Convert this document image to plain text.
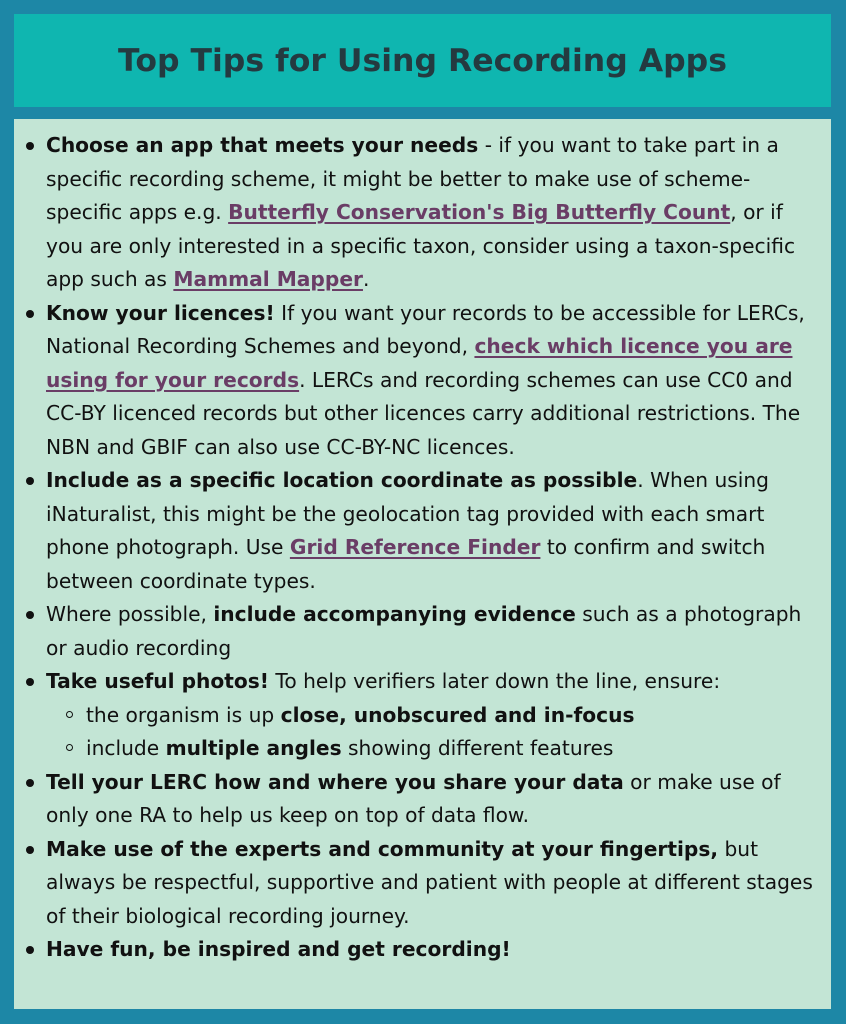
Top Tips for Using Recording Apps
Choose an app that meets your needs - if you want to take part in a specific recording scheme, it might be better to make use of scheme-specific apps e.g. Butterfly Conservation's Big Butterfly Count, or if you are only interested in a specific taxon, consider using a taxon-specific app such as Mammal Mapper.
Know your licences! If you want your records to be accessible for LERCs, National Recording Schemes and beyond, check which licence you are using for your records. LERCs and recording schemes can use CC0 and CC-BY licenced records but other licences carry additional restrictions. The NBN and GBIF can also use CC-BY-NC licences.
Include as a specific location coordinate as possible. When using iNaturalist, this might be the geolocation tag provided with each smart phone photograph. Use Grid Reference Finder to confirm and switch between coordinate types.
Where possible, include accompanying evidence such as a photograph or audio recording
Take useful photos! To help verifiers later down the line, ensure:
the organism is up close, unobscured and in-focus
include multiple angles showing different features
Tell your LERC how and where you share your data or make use of only one RA to help us keep on top of data flow.
Make use of the experts and community at your fingertips, but always be respectful, supportive and patient with people at different stages of their biological recording journey.
Have fun, be inspired and get recording!
